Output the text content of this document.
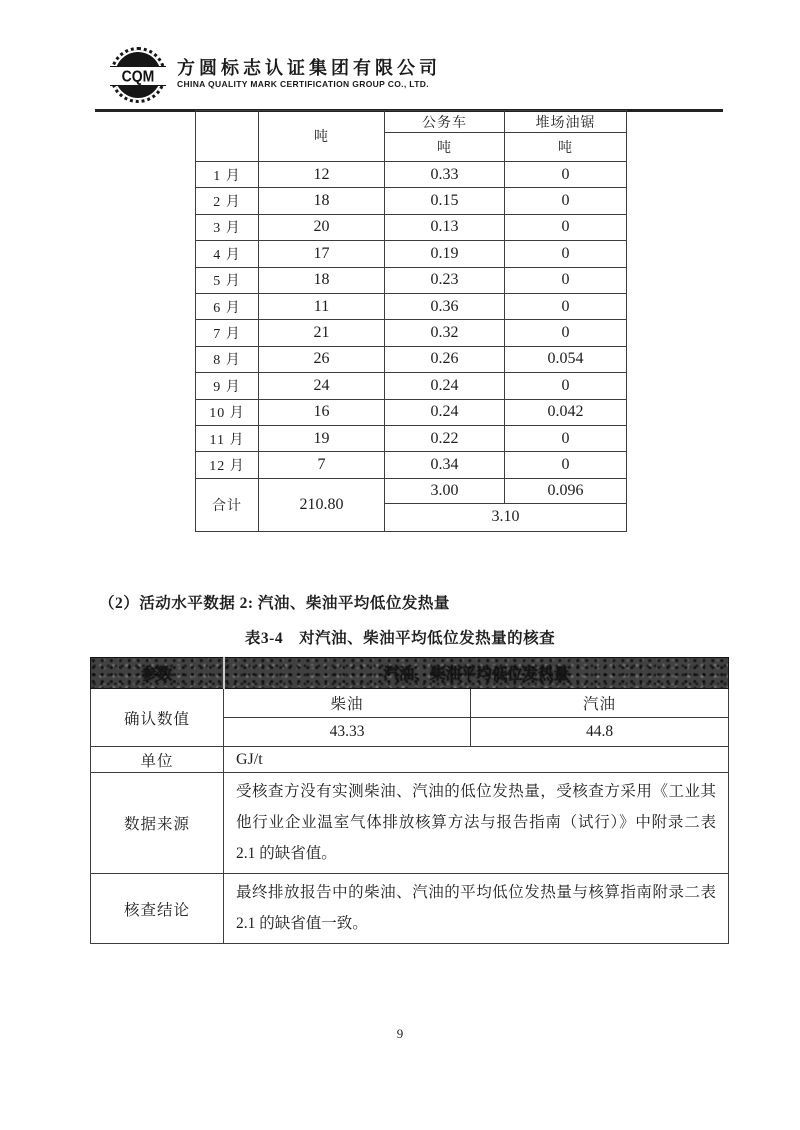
CQM 方圆标志认证集团有限公司
CHINA QUALITY MARK CERTIFICATION GROUP CO., LTD.
	吨	公务车	堆场油锯
		吨	吨
1 月	12	0.33	0
2 月	18	0.15	0
3 月	20	0.13	0
4 月	17	0.19	0
5 月	18	0.23	0
6 月	11	0.36	0
7 月	21	0.32	0
8 月	26	0.26	0.054
9 月	24	0.24	0
10 月	16	0.24	0.042
11 月	19	0.22	0
12 月	7	0.34	0
合计	210.80	3.00	0.096
		3.10	
（2）活动水平数据 2: 汽油、柴油平均低位发热量
表3-4 对汽油、柴油平均低位发热量的核查
参数	汽油、柴油平均低位发热量	
确认数值	柴油	汽油
	43.33	44.8
单位	GJ/t	
数据来源	受核查方没有实测柴油、汽油的低位发热量，受核查方采用《工业其他行业企业温室气体排放核算方法与报告指南（试行）》中附录二表 2.1 的缺省值。	
核查结论	最终排放报告中的柴油、汽油的平均低位发热量与核算指南附录二表 2.1 的缺省值一致。	
9
